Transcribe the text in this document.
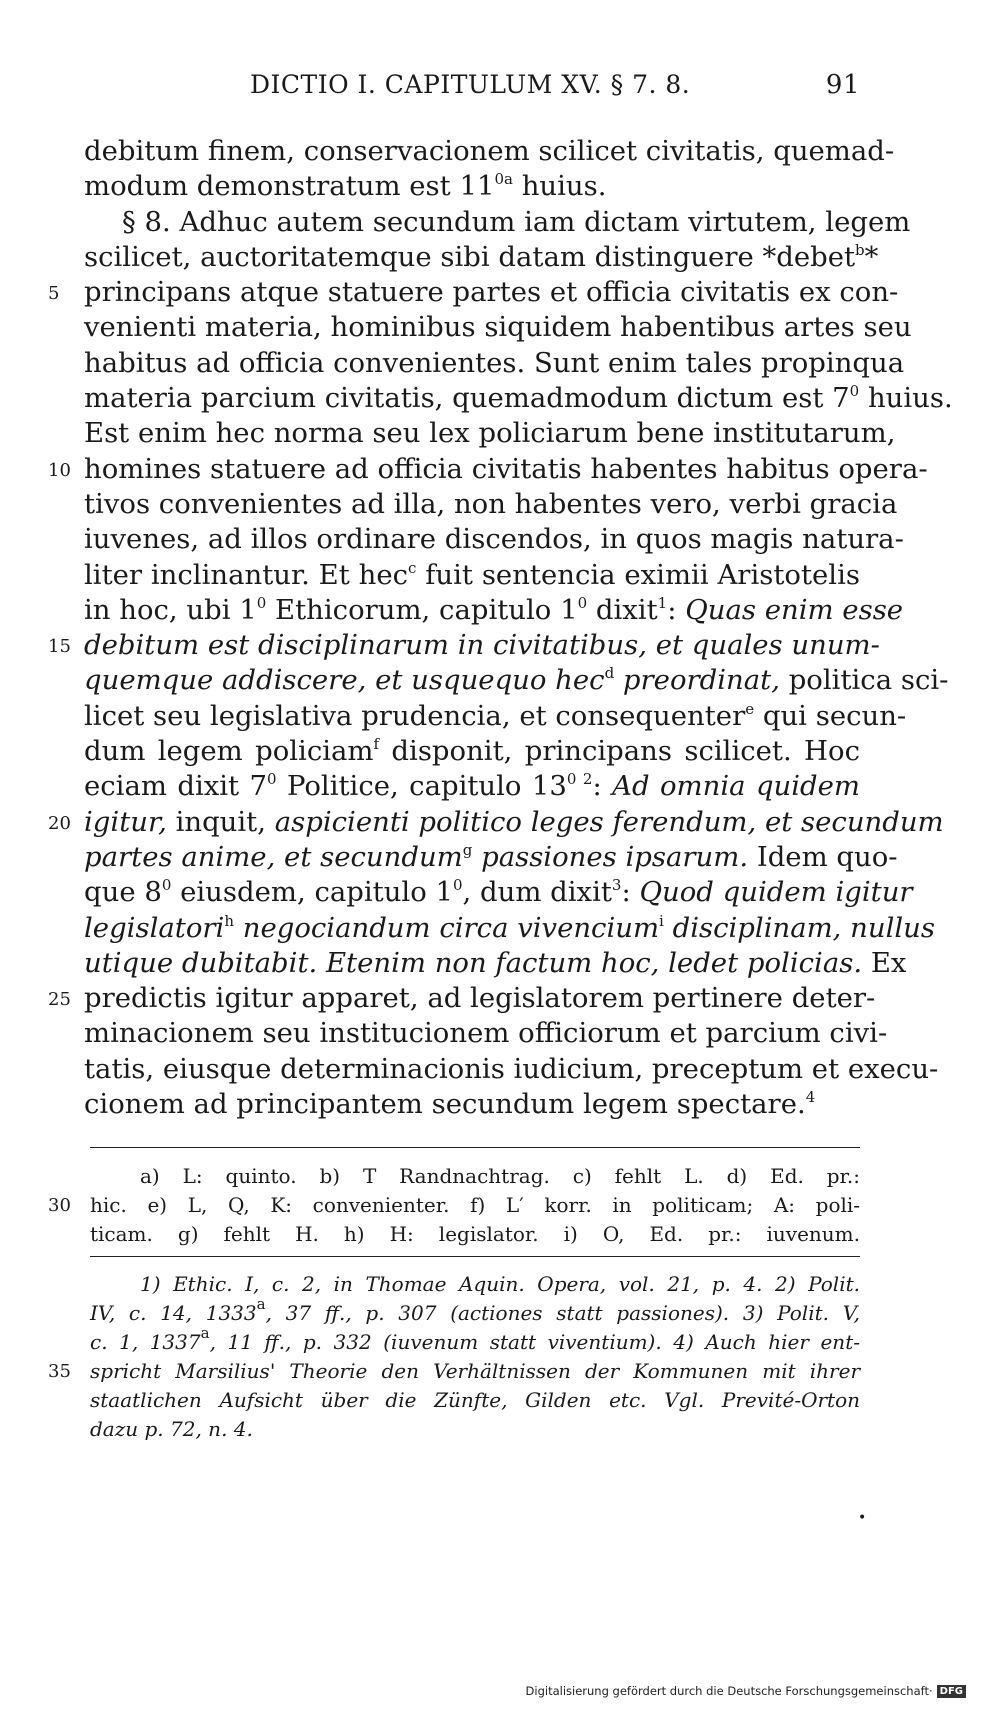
DICTIO I. CAPITULUM XV. § 7. 8.	91
debitum finem, conservacionem scilicet civitatis, quemad-
modum demonstratum est $11^{0a}$ huius.
§ 8. Adhuc autem secundum iam dictam virtutem, legem
scilicet, auctoritatemque sibi datam distinguere *debet$^b$*
5 principans atque statuere partes et officia civitatis ex con-
venienti materia, hominibus siquidem habentibus artes seu
habitus ad officia convenientes. Sunt enim tales propinqua
materia parcium civitatis, quemadmodum dictum est $7^0$ huius.
Est enim hec norma seu lex policiarum bene institutarum,
10 homines statuere ad officia civitatis habentes habitus opera-
tivos convenientes ad illa, non habentes vero, verbi gracia
iuvenes, ad illos ordinare discendos, in quos magis natura-
liter inclinantur. Et hec$^c$ fuit sentencia eximii Aristotelis
in hoc, ubi $1^0$ Ethicorum, capitulo $1^0$ dixit$^1$: Quas enim esse
15 debitum est disciplinarum in civitatibus, et quales unum-
quemque addiscere, et usquequo hec$^d$ preordinat, politica sci-
licet seu legislativa prudencia, et consequenter$^e$ qui secun-
dum legem policiam$^f$ disponit, principans scilicet. Hoc
eciam dixit $7^0$ Politice, capitulo $13^{0 2}$: Ad omnia quidem
20 igitur, inquit, aspicienti politico leges ferendum, et secundum
partes anime, et secundum$^g$ passiones ipsarum. Idem quo-
que $8^0$ eiusdem, capitulo $1^0$, dum dixit$^3$: Quod quidem igitur
legislatori$^h$ negociandum circa vivencium$^i$ disciplinam, nullus
utique dubitabit. Etenim non factum hoc, ledet policias. Ex
25 predictis igitur apparet, ad legislatorem pertinere deter-
minacionem seu institucionem officiorum et parcium civi-
tatis, eiusque determinacionis iudicium, preceptum et execu-
cionem ad principantem secundum legem spectare.$^4$
a) L: quinto. b) T Randnachtrag. c) fehlt L. d) Ed. pr.:
30 hic. e) L, Q, K: convenienter. f) L′ korr. in politicam; A: poli-
ticam. g) fehlt H. h) H: legislator. i) O, Ed. pr.: iuvenum.
1) Ethic. I, c. 2, in Thomae Aquin. Opera, vol. 21, p. 4. 2) Polit.
IV, c. 14, 1333$^a$, 37 ff., p. 307 (actiones statt passiones). 3) Polit. V,
c. 1, 1337$^a$, 11 ff., p. 332 (iuvenum statt viventium). 4) Auch hier ent-
35 spricht Marsilius' Theorie den Verhältnissen der Kommunen mit ihrer
staatlichen Aufsicht über die Zünfte, Gilden etc. Vgl. Previté-Orton
dazu p. 72, n. 4.
•
Digitalisierung gefördert durch die Deutsche Forschungsgemeinschaft· DFG
